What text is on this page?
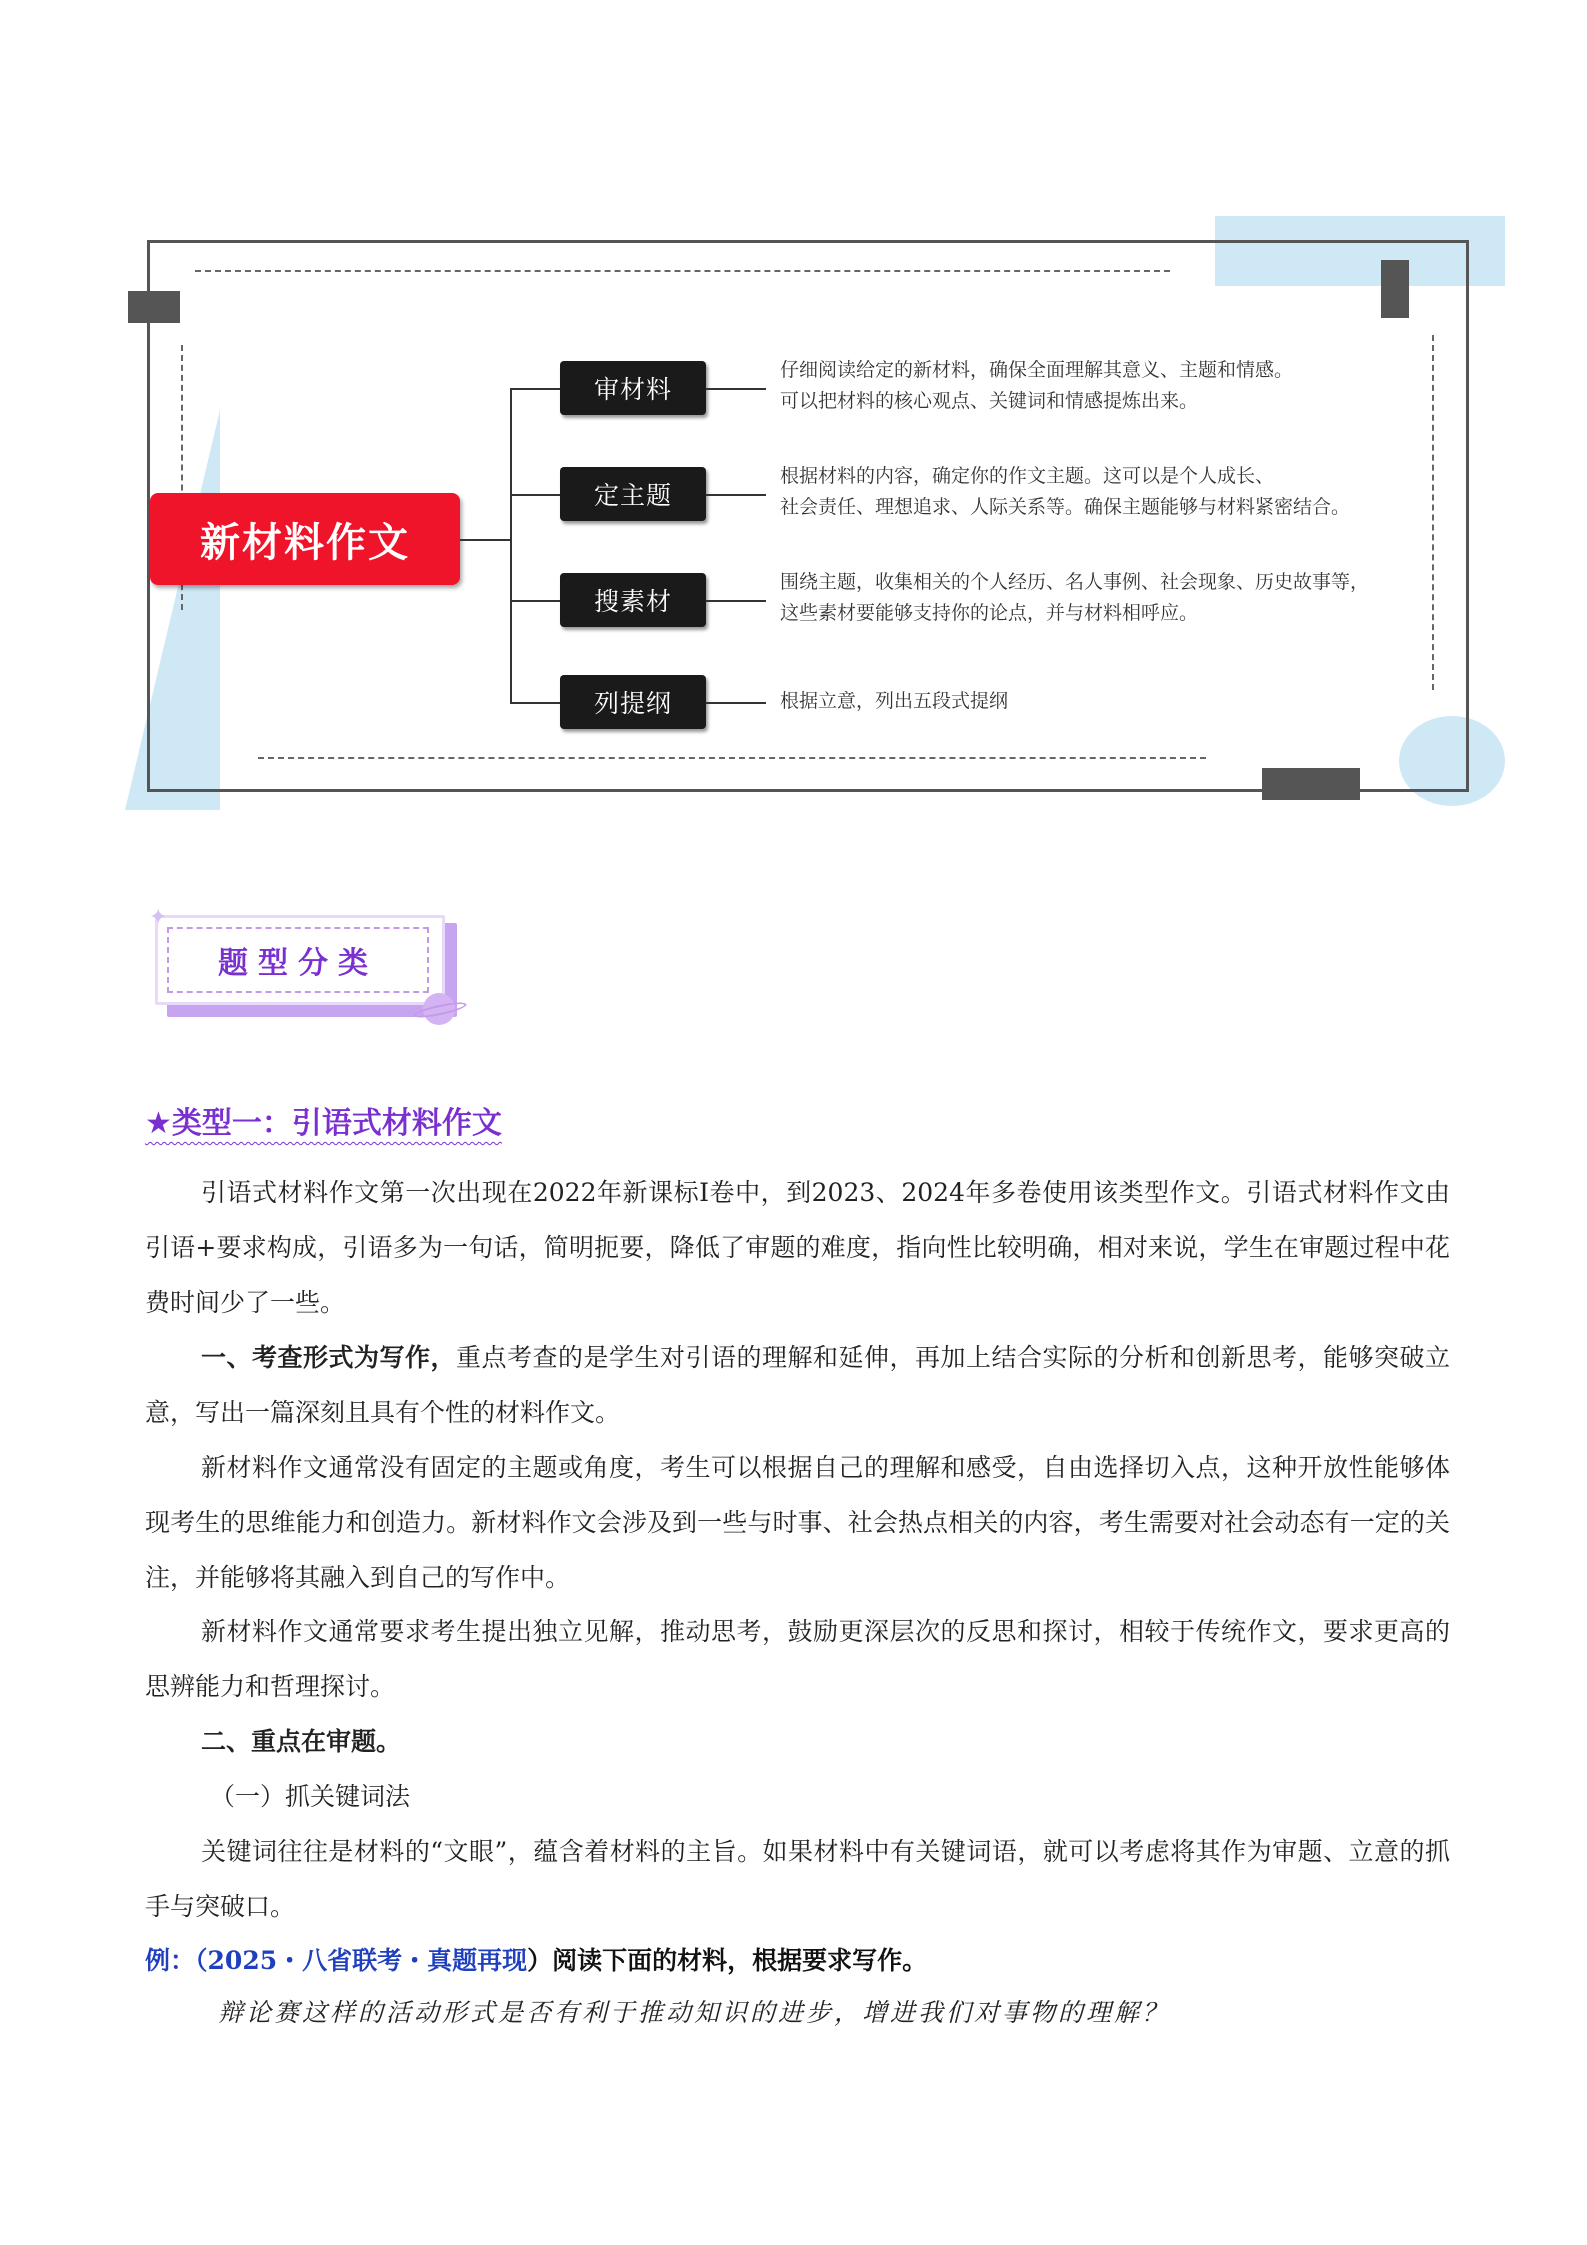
新材料作文
审材料
仔细阅读给定的新材料，确保全面理解其意义、主题和情感。
可以把材料的核心观点、关键词和情感提炼出来。
定主题
根据材料的内容，确定你的作文主题。这可以是个人成长、
社会责任、理想追求、人际关系等。确保主题能够与材料紧密结合。
搜素材
围绕主题，收集相关的个人经历、名人事例、社会现象、历史故事等，
这些素材要能够支持你的论点，并与材料相呼应。
列提纲	根据立意，列出五段式提纲
题型分类
✦
★类型一：引语式材料作文
引语式材料作文第一次出现在2022年新课标I卷中，到2023、2024年多卷使用该类型作文。引语式材料作文由引语+要求构成，引语多为一句话，简明扼要，降低了审题的难度，指向性比较明确，相对来说，学生在审题过程中花费时间少了一些。
一、考查形式为写作，重点考查的是学生对引语的理解和延伸，再加上结合实际的分析和创新思考，能够突破立意，写出一篇深刻且具有个性的材料作文。
新材料作文通常没有固定的主题或角度，考生可以根据自己的理解和感受，自由选择切入点，这种开放性能够体现考生的思维能力和创造力。新材料作文会涉及到一些与时事、社会热点相关的内容，考生需要对社会动态有一定的关注，并能够将其融入到自己的写作中。
新材料作文通常要求考生提出独立见解，推动思考，鼓励更深层次的反思和探讨，相较于传统作文，要求更高的思辨能力和哲理探讨。
二、重点在审题。
（一）抓关键词法
关键词往往是材料的“文眼”，蕴含着材料的主旨。如果材料中有关键词语，就可以考虑将其作为审题、立意的抓手与突破口。
例：（2025・八省联考・真题再现）阅读下面的材料，根据要求写作。
辩论赛这样的活动形式是否有利于推动知识的进步，增进我们对事物的理解？
